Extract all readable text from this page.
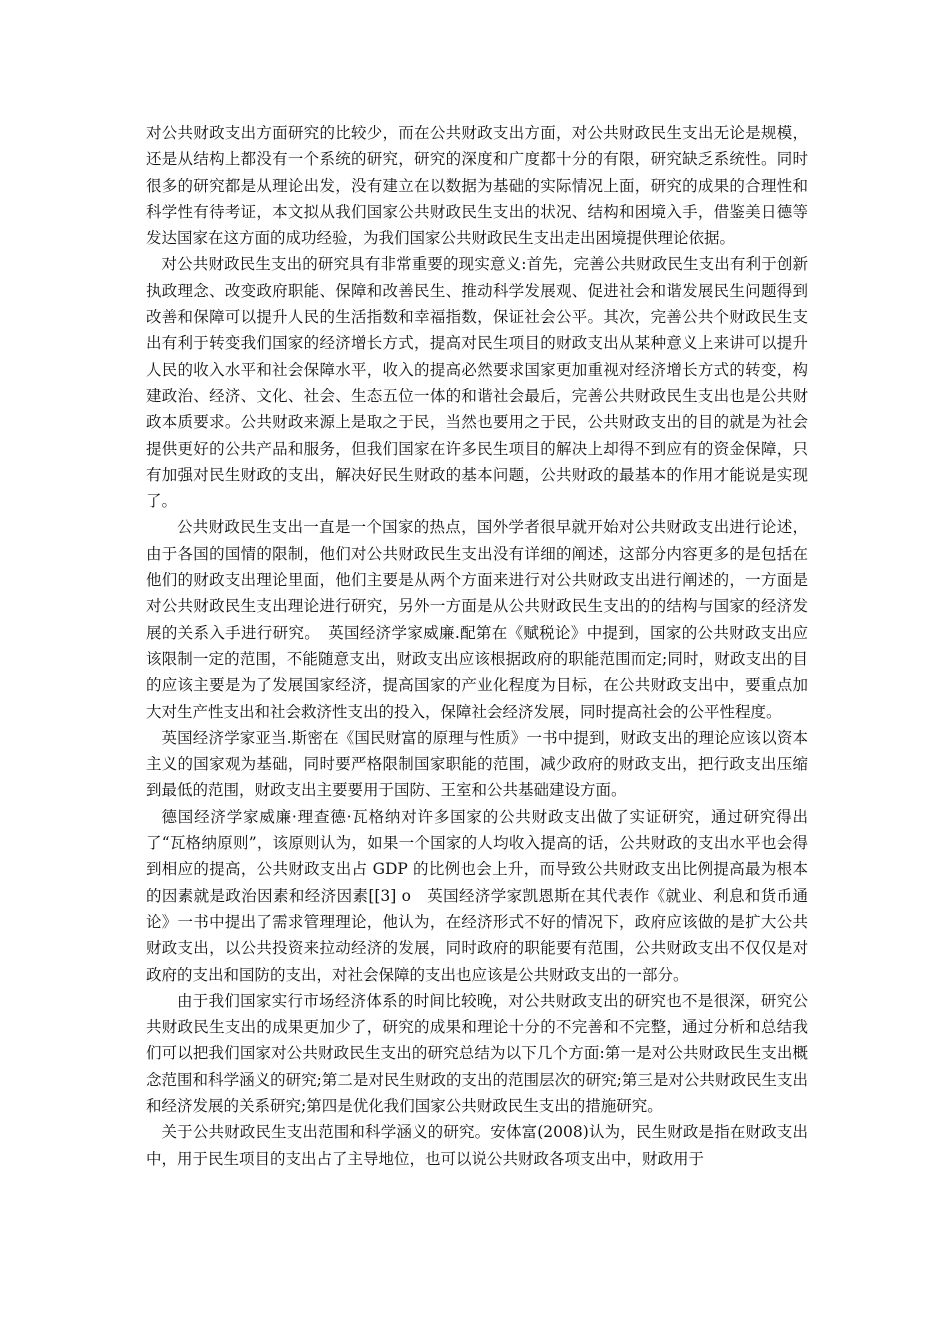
对公共财政支出方面研究的比较少，而在公共财政支出方面，对公共财政民生支出无论是规模，还是从结构上都没有一个系统的研究，研究的深度和广度都十分的有限，研究缺乏系统性。同时很多的研究都是从理论出发，没有建立在以数据为基础的实际情况上面，研究的成果的合理性和科学性有待考证，本文拟从我们国家公共财政民生支出的状况、结构和困境入手，借鉴美日德等发达国家在这方面的成功经验，为我们国家公共财政民生支出走出困境提供理论依据。

对公共财政民生支出的研究具有非常重要的现实意义:首先，完善公共财政民生支出有利于创新执政理念、改变政府职能、保障和改善民生、推动科学发展观、促进社会和谐发展民生问题得到改善和保障可以提升人民的生活指数和幸福指数，保证社会公平。其次，完善公共个财政民生支出有利于转变我们国家的经济增长方式，提高对民生项目的财政支出从某种意义上来讲可以提升人民的收入水平和社会保障水平，收入的提高必然要求国家更加重视对经济增长方式的转变，构建政治、经济、文化、社会、生态五位一体的和谐社会最后，完善公共财政民生支出也是公共财政本质要求。公共财政来源上是取之于民，当然也要用之于民，公共财政支出的目的就是为社会提供更好的公共产品和服务，但我们国家在许多民生项目的解决上却得不到应有的资金保障，只有加强对民生财政的支出，解决好民生财政的基本问题，公共财政的最基本的作用才能说是实现了。

公共财政民生支出一直是一个国家的热点，国外学者很早就开始对公共财政支出进行论述，由于各国的国情的限制，他们对公共财政民生支出没有详细的阐述，这部分内容更多的是包括在他们的财政支出理论里面，他们主要是从两个方面来进行对公共财政支出进行阐述的，一方面是对公共财政民生支出理论进行研究，另外一方面是从公共财政民生支出的的结构与国家的经济发展的关系入手进行研究。　英国经济学家威廉.配第在《赋税论》中提到，国家的公共财政支出应该限制一定的范围，不能随意支出，财政支出应该根据政府的职能范围而定;同时，财政支出的目的应该主要是为了发展国家经济，提高国家的产业化程度为目标，在公共财政支出中，要重点加大对生产性支出和社会救济性支出的投入，保障社会经济发展，同时提高社会的公平性程度。

英国经济学家亚当.斯密在《国民财富的原理与性质》一书中提到，财政支出的理论应该以资本主义的国家观为基础，同时要严格限制国家职能的范围，减少政府的财政支出，把行政支出压缩到最低的范围，财政支出主要要用于国防、王室和公共基础建设方面。

德国经济学家威廉·理查德·瓦格纳对许多国家的公共财政支出做了实证研究，通过研究得出了“瓦格纳原则”，该原则认为，如果一个国家的人均收入提高的话，公共财政的支出水平也会得到相应的提高，公共财政支出占 GDP 的比例也会上升，而导致公共财政支出比例提高最为根本的因素就是政治因素和经济因素[[3] o　英国经济学家凯恩斯在其代表作《就业、利息和货币通论》一书中提出了需求管理理论，他认为，在经济形式不好的情况下，政府应该做的是扩大公共财政支出，以公共投资来拉动经济的发展，同时政府的职能要有范围，公共财政支出不仅仅是对政府的支出和国防的支出，对社会保障的支出也应该是公共财政支出的一部分。

由于我们国家实行市场经济体系的时间比较晚，对公共财政支出的研究也不是很深，研究公共财政民生支出的成果更加少了，研究的成果和理论十分的不完善和不完整，通过分析和总结我们可以把我们国家对公共财政民生支出的研究总结为以下几个方面:第一是对公共财政民生支出概念范围和科学涵义的研究;第二是对民生财政的支出的范围层次的研究;第三是对公共财政民生支出和经济发展的关系研究;第四是优化我们国家公共财政民生支出的措施研究。

关于公共财政民生支出范围和科学涵义的研究。安体富(2008)认为，民生财政是指在财政支出中，用于民生项目的支出占了主导地位，也可以说公共财政各项支出中，财政用于
